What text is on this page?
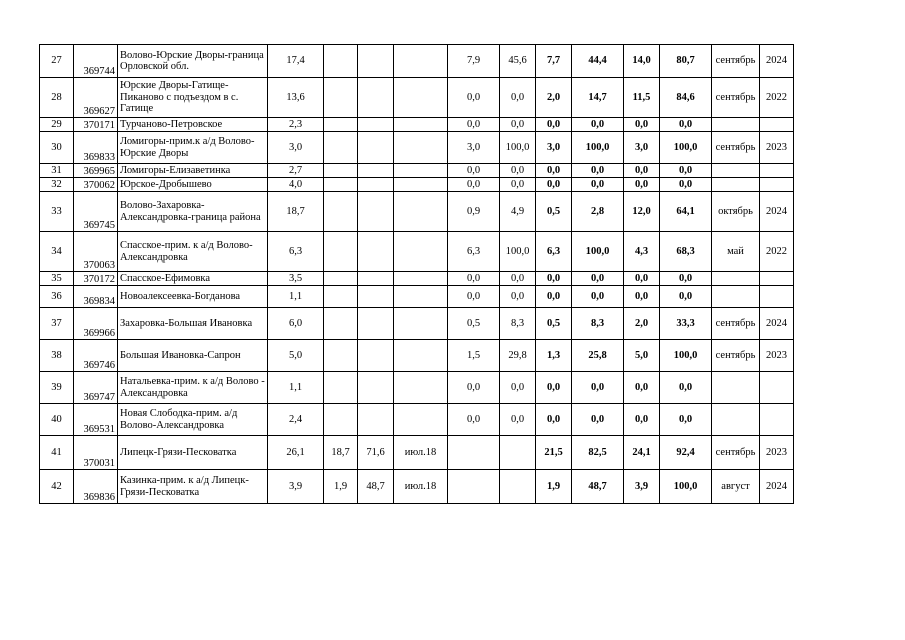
27	369744	Волово-Юрские Дворы-граница Орловской обл.	17,4				7,9	45,6	7,7	44,4	14,0	80,7	сентябрь	2024
28	369627	Юрские Дворы-Гатище-Пиканово с подъездом в с. Гатище	13,6				0,0	0,0	2,0	14,7	11,5	84,6	сентябрь	2022
29	370171	Турчаново-Петровское	2,3				0,0	0,0	0,0	0,0	0,0	0,0		
30	369833	Ломигоры-прим.к а/д Волово-Юрские Дворы	3,0				3,0	100,0	3,0	100,0	3,0	100,0	сентябрь	2023
31	369965	Ломигоры-Елизаветинка	2,7				0,0	0,0	0,0	0,0	0,0	0,0		
32	370062	Юрское-Дробышево	4,0				0,0	0,0	0,0	0,0	0,0	0,0		
33	369745	Волово-Захаровка-Александровка-граница района	18,7				0,9	4,9	0,5	2,8	12,0	64,1	октябрь	2024
34	370063	Спасское-прим. к а/д Волово-Александровка	6,3				6,3	100,0	6,3	100,0	4,3	68,3	май	2022
35	370172	Спасское-Ефимовка	3,5				0,0	0,0	0,0	0,0	0,0	0,0		
36	369834	Новоалексеевка-Богданова	1,1				0,0	0,0	0,0	0,0	0,0	0,0		
37	369966	Захаровка-Большая Ивановка	6,0				0,5	8,3	0,5	8,3	2,0	33,3	сентябрь	2024
38	369746	Большая Ивановка-Сапрон	5,0				1,5	29,8	1,3	25,8	5,0	100,0	сентябрь	2023
39	369747	Натальевка-прим. к а/д Волово - Александровка	1,1				0,0	0,0	0,0	0,0	0,0	0,0		
40	369531	Новая Слободка-прим. а/д Волово-Александровка	2,4				0,0	0,0	0,0	0,0	0,0	0,0		
41	370031	Липецк-Грязи-Песковатка	26,1	18,7	71,6	июл.18			21,5	82,5	24,1	92,4	сентябрь	2023
42	369836	Казинка-прим. к а/д Липецк-Грязи-Песковатка	3,9	1,9	48,7	июл.18			1,9	48,7	3,9	100,0	август	2024
